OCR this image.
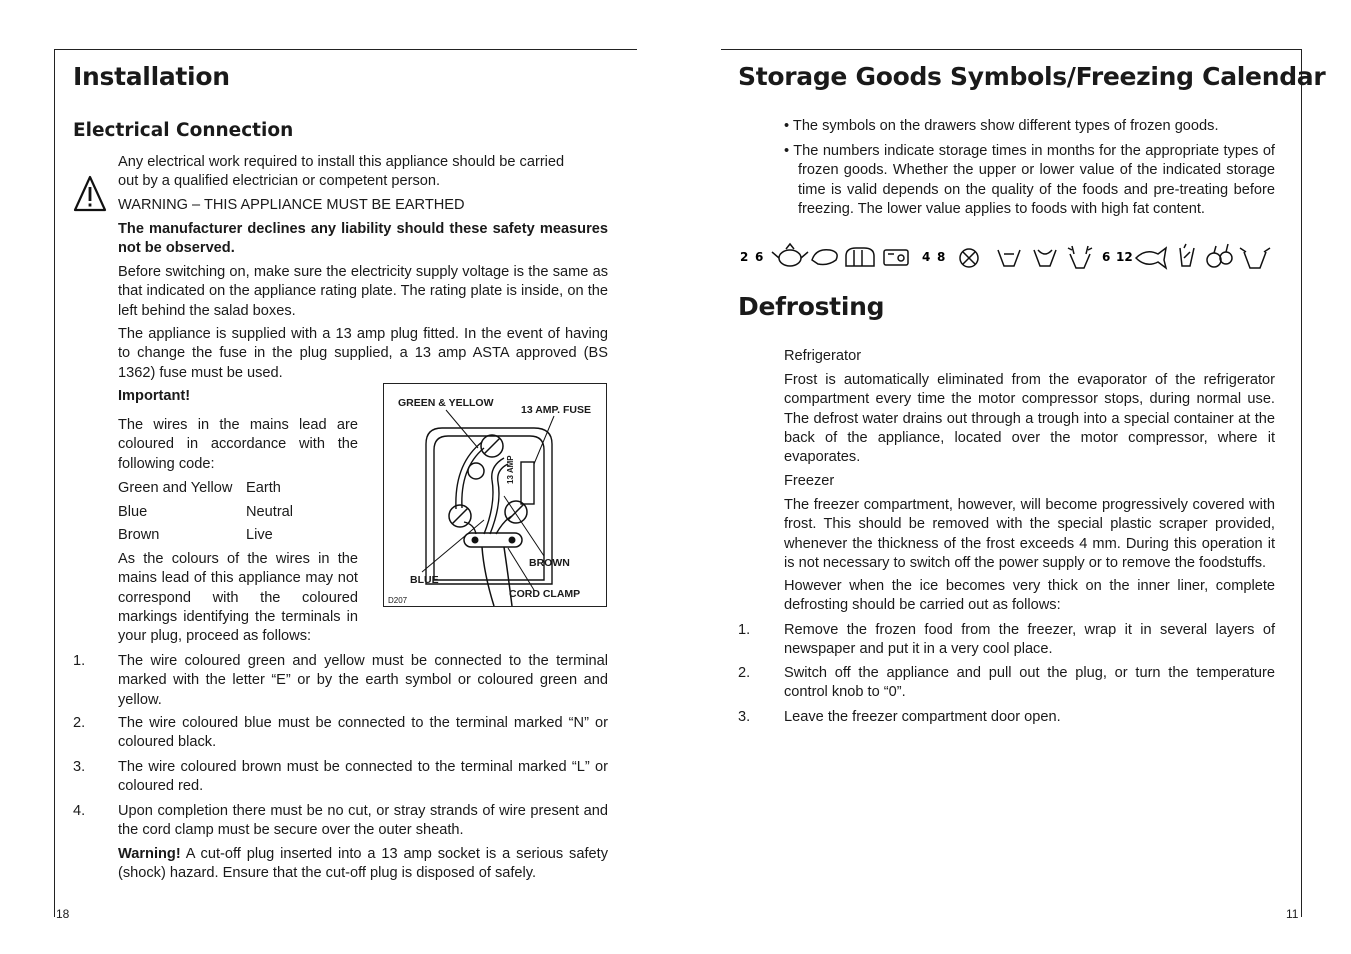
Installation
Electrical Connection

Any electrical work required to install this appliance should be carried out by a qualified electrician or competent person.

WARNING – THIS APPLIANCE MUST BE EARTHED

The manufacturer declines any liability should these safety measures not be observed.

Before switching on, make sure the electricity supply voltage is the same as that indicated on the appliance rating plate. The rating plate is inside, on the left behind the salad boxes.

The appliance is supplied with a 13 amp plug fitted. In the event of having to change the fuse in the plug supplied, a 13 amp ASTA approved (BS 1362) fuse must be used.

Important!

The wires in the mains lead are coloured in accordance with the following code:

Green and Yellow Earth
Blue	Neutral
Brown	Live

As the colours of the wires in the mains lead of this appliance may not correspond with the coloured markings identifying the terminals in your plug, proceed as follows:

GREEN & YELLOW
13 AMP. FUSE
13 AMP
BROWN
BLUE
CORD CLAMP
D207
1. The wire coloured green and yellow must be connected to the terminal marked with the letter “E” or by the earth symbol or coloured green and yellow.

2. The wire coloured blue must be connected to the terminal marked “N” or coloured black.

3. The wire coloured brown must be connected to the terminal marked “L” or coloured red.

4. Upon completion there must be no cut, or stray strands of wire present and the cord clamp must be secure over the outer sheath.

Warning! A cut-off plug inserted into a 13 amp socket is a serious safety (shock) hazard. Ensure that the cut-off plug is disposed of safely.

18
Storage Goods Symbols/Freezing Calendar

• The symbols on the drawers show different types of frozen goods.

• The numbers indicate storage times in months for the appropriate types of frozen goods. Whether the upper or lower value of the indicated storage time is valid depends on the quality of the foods and pre-treating before freezing. The lower value applies to foods with high fat content.

2 6	4 8	6 12
Defrosting

Refrigerator

Frost is automatically eliminated from the evaporator of the refrigerator compartment every time the motor compressor stops, during normal use. The defrost water drains out through a trough into a special container at the back of the appliance, located over the motor compressor, where it evaporates.

Freezer

The freezer compartment, however, will become progressively covered with frost. This should be removed with the special plastic scraper provided, whenever the thickness of the frost exceeds 4 mm. During this operation it is not necessary to switch off the power supply or to remove the foodstuffs.

However when the ice becomes very thick on the inner liner, complete defrosting should be carried out as follows:

1. Remove the frozen food from the freezer, wrap it in several layers of newspaper and put it in a very cool place.

2. Switch off the appliance and pull out the plug, or turn the temperature control knob to “0”.

3. Leave the freezer compartment door open.

11
